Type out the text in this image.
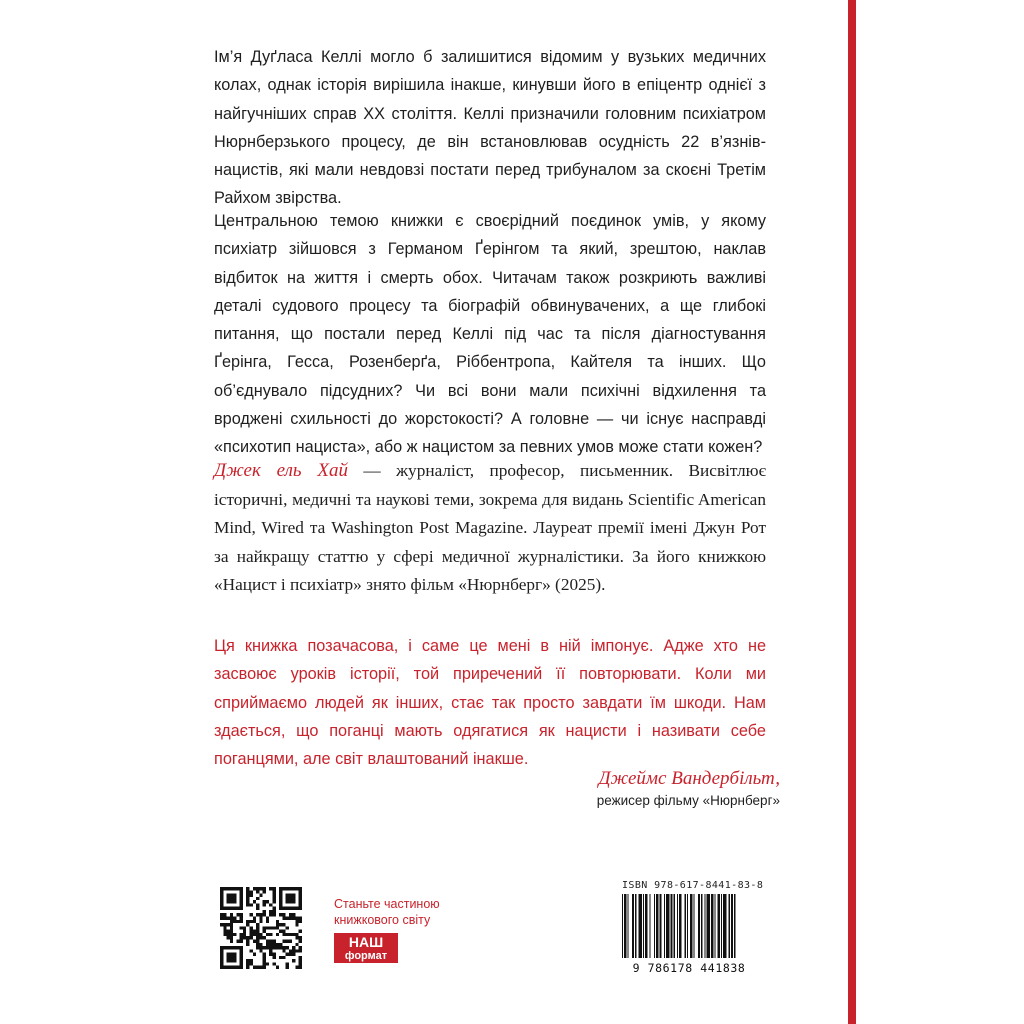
Ім’я Дуґласа Келлі могло б залишитися відомим у вузьких медичних колах, однак історія вирішила інакше, кинувши його в епіцентр однієї з найгучніших справ XX століття. Келлі призначили головним психіатром Нюрнберзького процесу, де він встановлював осудність 22 в’язнів-нацистів, які мали невдовзі постати перед трибуналом за скоєні Третім Райхом звірства.

Центральною темою книжки є своєрідний поєдинок умів, у якому психіатр зійшовся з Германом Ґерінгом та який, зрештою, наклав відбиток на життя і смерть обох. Читачам також розкриють важливі деталі судового процесу та біографій обвинувачених, а ще глибокі питання, що постали перед Келлі під час та після діагностування Ґерінга, Гесса, Розенберґа, Ріббентропа, Кайтеля та інших. Що об’єднувало підсудних? Чи всі вони мали психічні відхилення та вроджені схильності до жорстокості? А головне — чи існує насправді «психотип нациста», або ж нацистом за певних умов може стати кожен?

Джек ель Хай — журналіст, професор, письменник. Висвітлює історичні, медичні та наукові теми, зокрема для видань Scientific American Mind, Wired та Washington Post Magazine. Лауреат премії імені Джун Рот за найкращу статтю у сфері медичної журналістики. За його книжкою «Нацист і психіатр» знято фільм «Нюрнберг» (2025).

Ця книжка позачасова, і саме це мені в ній імпонує. Адже хто не засвоює уроків історії, той приречений її повторювати. Коли ми сприймаємо людей як інших, стає так просто завдати їм шкоди. Нам здається, що поганці мають одягатися як нацисти і називати себе поганцями, але світ влаштований інакше.

Джеймс Вандербільт,

режисер фільму «Нюрнберг»

Станьте частиною

книжкового світу

НАШ
формат

ISBN 978-617-8441-83-8

9 786178 441838
